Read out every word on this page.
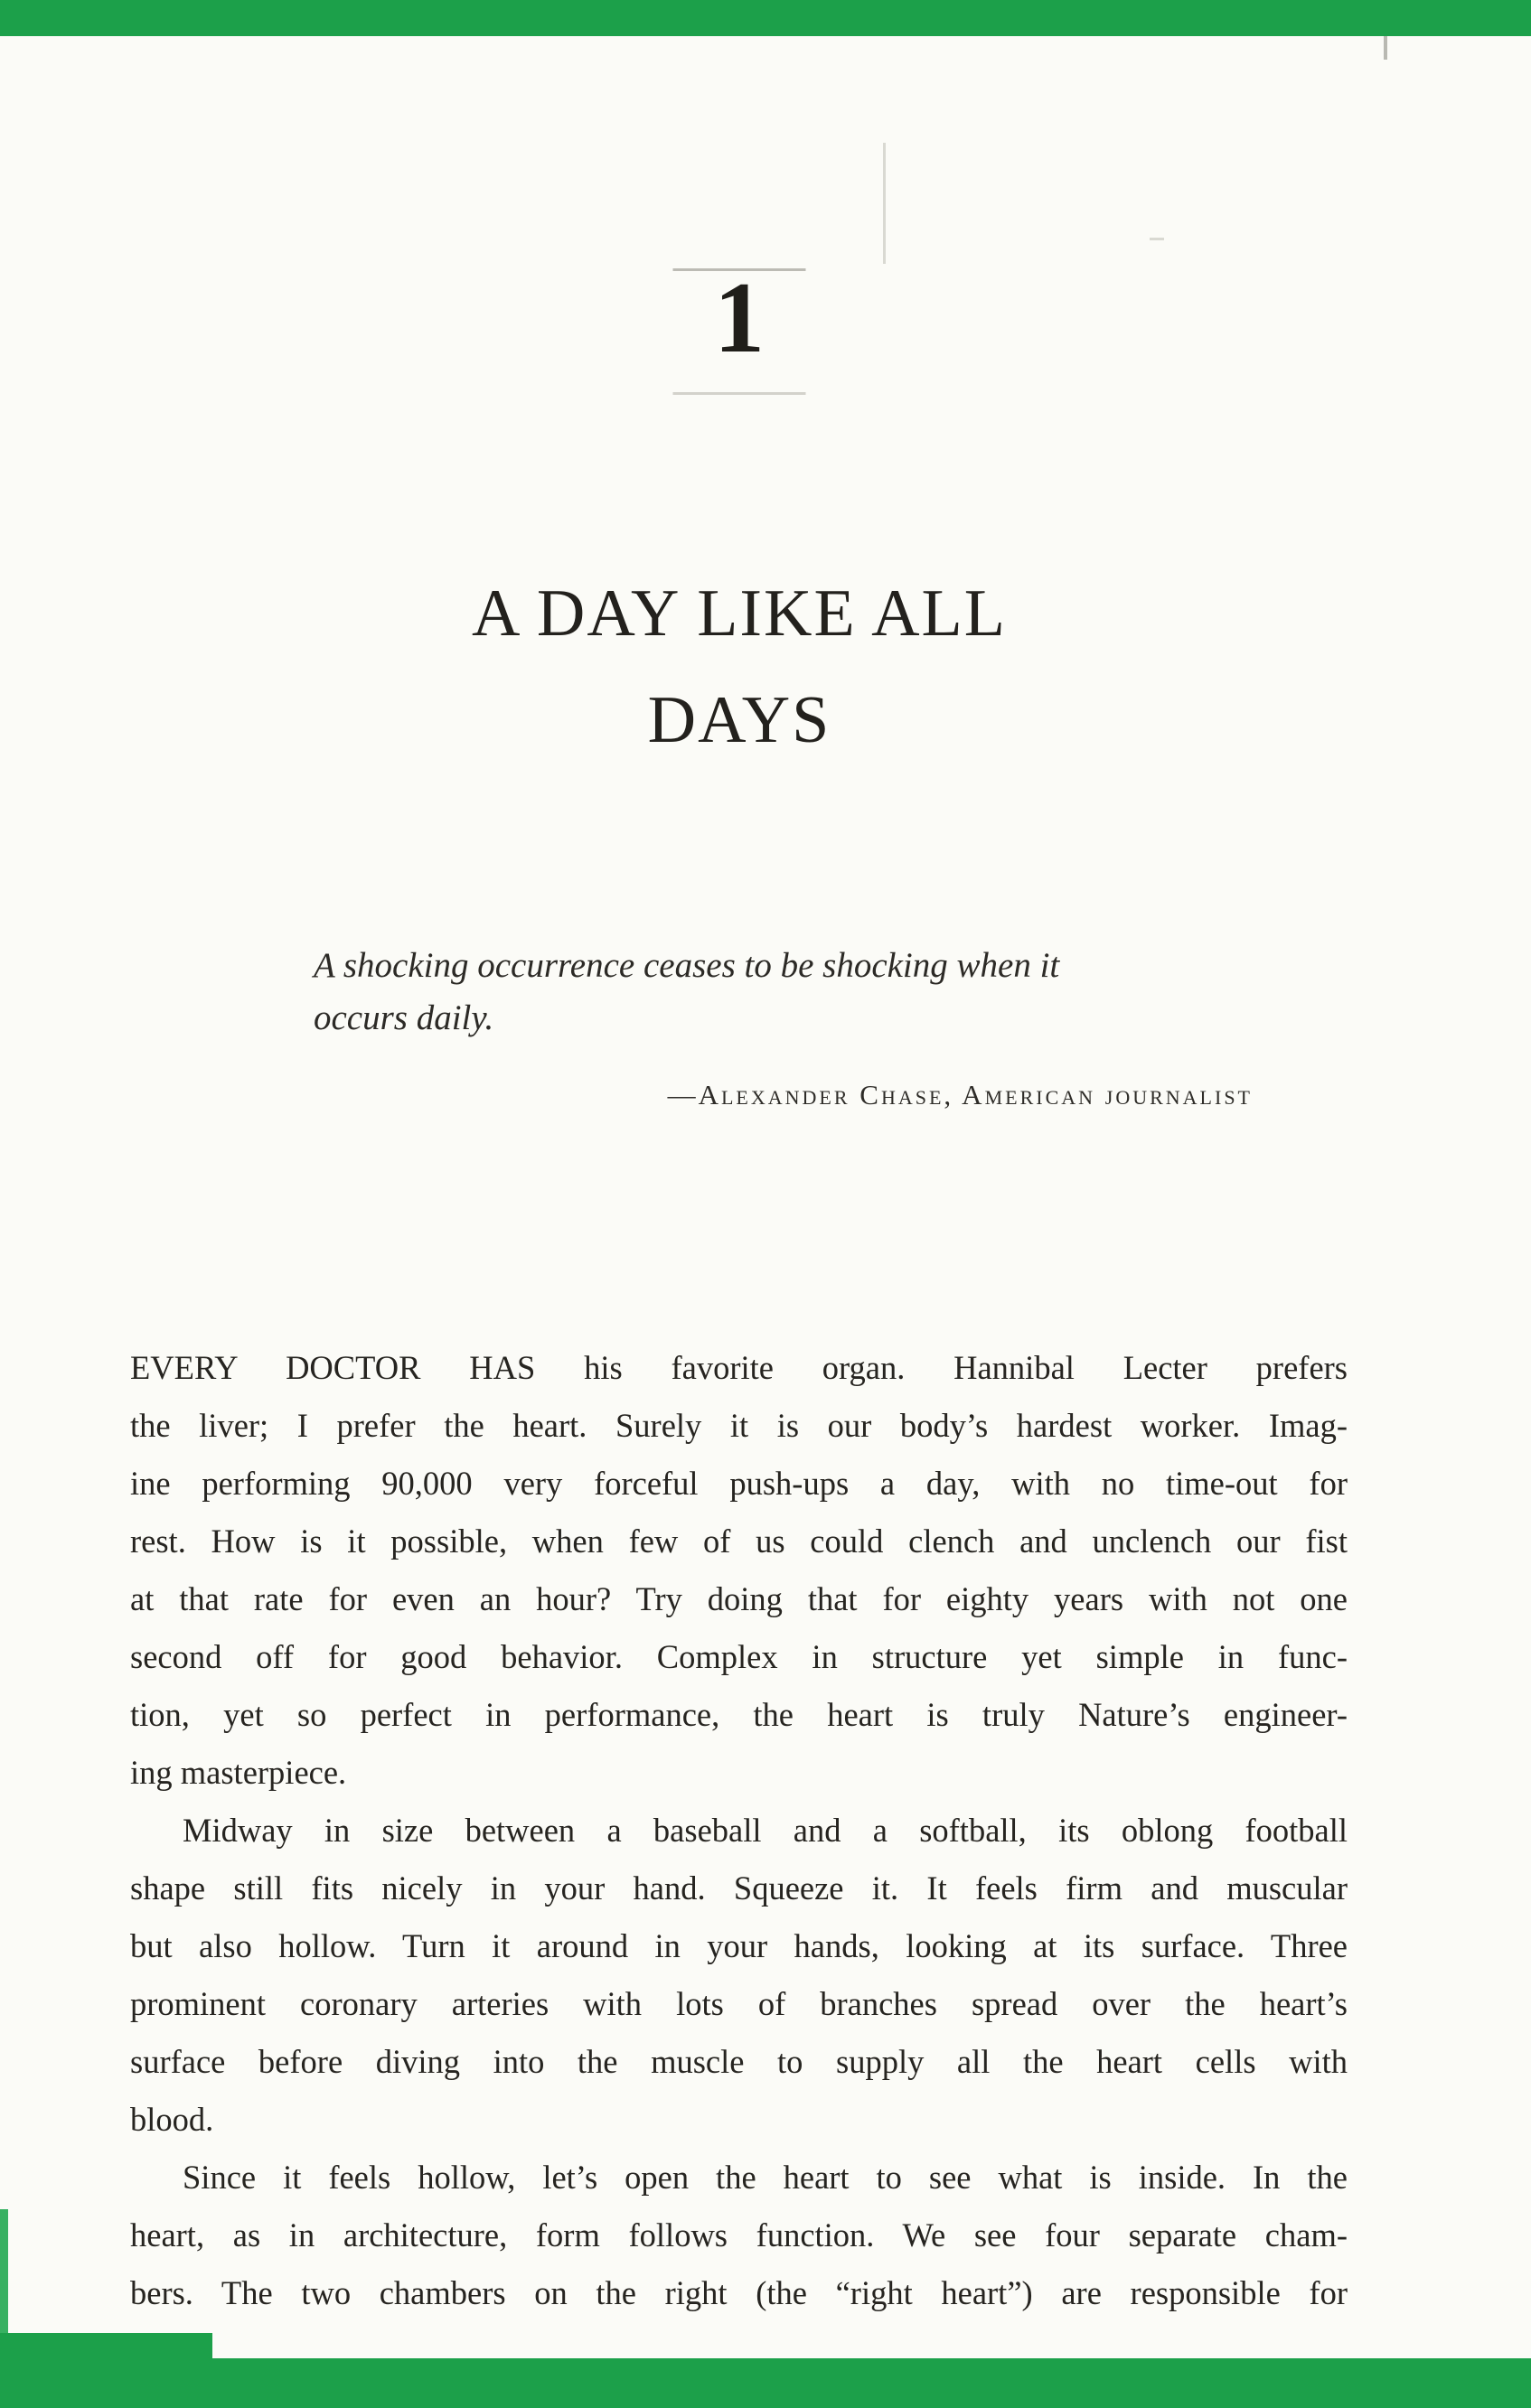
1
A DAY LIKE ALL
DAYS
A shocking occurrence ceases to be shocking when it
occurs daily.
—Alexander Chase, American journalist
EVERY DOCTOR HAS his favorite organ. Hannibal Lecter prefers
the liver; I prefer the heart. Surely it is our body’s hardest worker. Imag-
ine performing 90,000 very forceful push-ups a day, with no time-out for
rest. How is it possible, when few of us could clench and unclench our fist
at that rate for even an hour? Try doing that for eighty years with not one
second off for good behavior. Complex in structure yet simple in func-
tion, yet so perfect in performance, the heart is truly Nature’s engineer-
ing masterpiece.
Midway in size between a baseball and a softball, its oblong football
shape still fits nicely in your hand. Squeeze it. It feels firm and muscular
but also hollow. Turn it around in your hands, looking at its surface. Three
prominent coronary arteries with lots of branches spread over the heart’s
surface before diving into the muscle to supply all the heart cells with
blood.
Since it feels hollow, let’s open the heart to see what is inside. In the
heart, as in architecture, form follows function. We see four separate cham-
bers. The two chambers on the right (the “right heart”) are responsible for
